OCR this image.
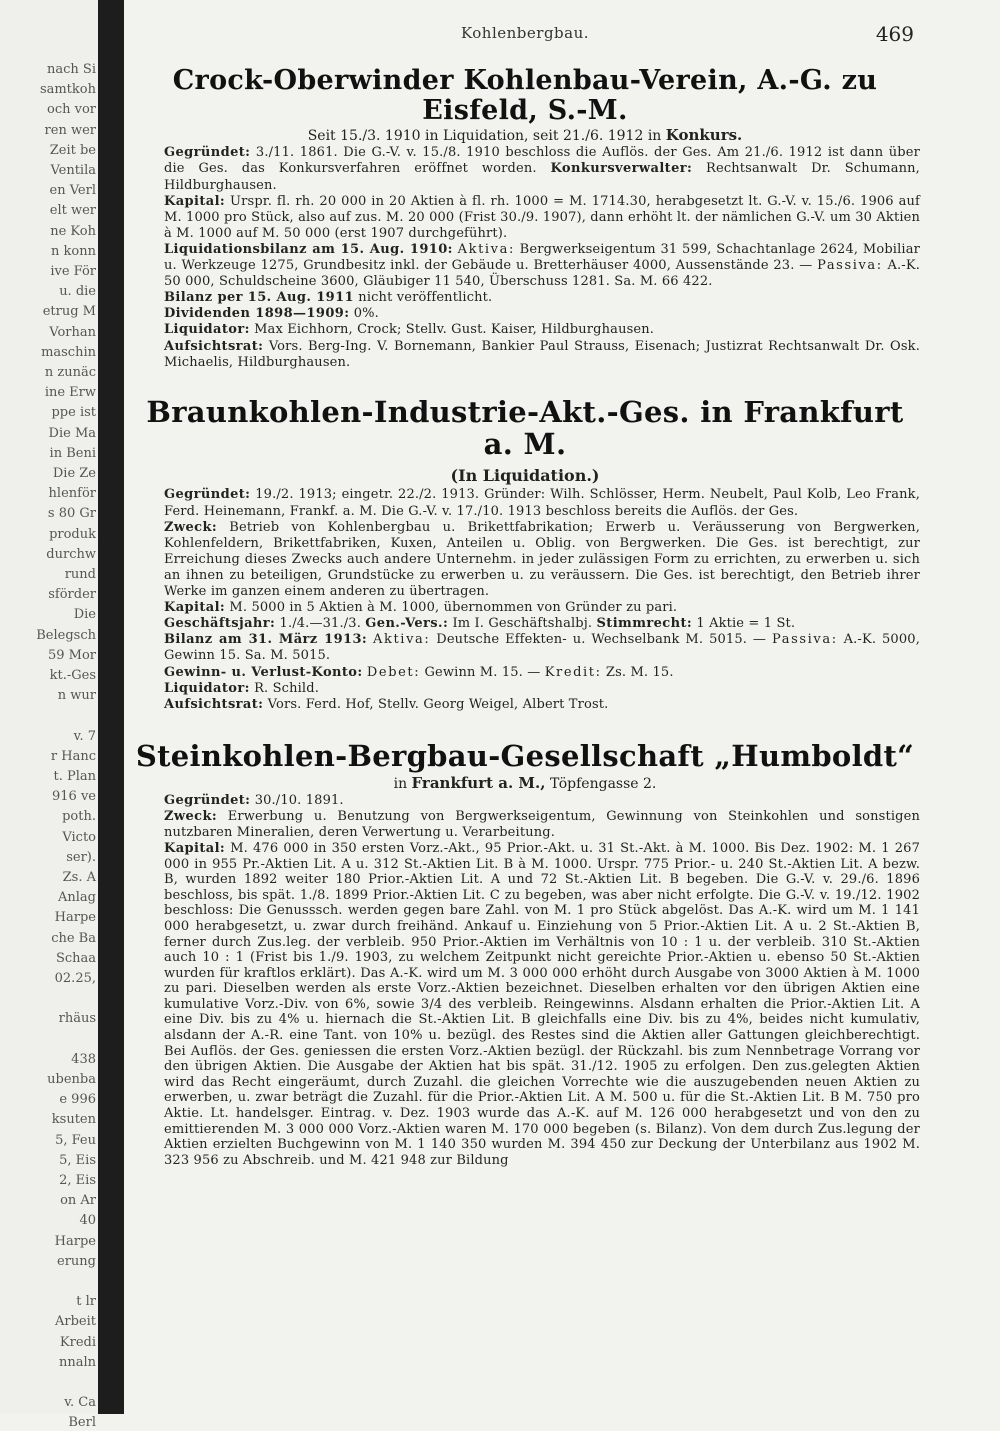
nach Si
samtkoh
och vor
ren wer
Zeit be
Ventila
en Verl
elt wer
ne Koh
n konn
ive För
u. die
etrug M
Vorhan
maschin
n zunäc
ine Erw
ppe ist
Die Ma
in Beni
Die Ze
hlenför
s 80 Gr
produk
durchw
rund
sförder
Die
Belegsch
59 Mor
kt.-Ges
n wur
v. 7
r Hanc
t. Plan
916 ve
poth.
Victo
ser).
Zs. A
Anlag
Harpe
che Ba
Schaa
02.25,
rhäus
438
ubenba
e 996
ksuten
5, Feu
5, Eis
2, Eis
on Ar
40
Harpe
erung
t lr
Arbeit
Kredi
nnaln
v. Ca
Berl
Kohlenbergbau.	469
Crock-Oberwinder Kohlenbau-Verein, A.-G. zu Eisfeld, S.-M.

Seit 15./3. 1910 in Liquidation, seit 21./6. 1912 in Konkurs.

Gegründet: 3./11. 1861. Die G.-V. v. 15./8. 1910 beschloss die Auflös. der Ges. Am 21./6. 1912 ist dann über die Ges. das Konkursverfahren eröffnet worden. Konkursverwalter: Rechtsanwalt Dr. Schumann, Hildburghausen.

Kapital: Urspr. fl. rh. 20 000 in 20 Aktien à fl. rh. 1000 = M. 1714.30, herabgesetzt lt. G.-V. v. 15./6. 1906 auf M. 1000 pro Stück, also auf zus. M. 20 000 (Frist 30./9. 1907), dann erhöht lt. der nämlichen G.-V. um 30 Aktien à M. 1000 auf M. 50 000 (erst 1907 durchgeführt).

Liquidationsbilanz am 15. Aug. 1910: Aktiva: Bergwerkseigentum 31 599, Schachtanlage 2624, Mobiliar u. Werkzeuge 1275, Grundbesitz inkl. der Gebäude u. Bretterhäuser 4000, Aussenstände 23. — Passiva: A.-K. 50 000, Schuldscheine 3600, Gläubiger 11 540, Überschuss 1281. Sa. M. 66 422.

Bilanz per 15. Aug. 1911 nicht veröffentlicht.

Dividenden 1898—1909: 0%.

Liquidator: Max Eichhorn, Crock; Stellv. Gust. Kaiser, Hildburghausen.

Aufsichtsrat: Vors. Berg-Ing. V. Bornemann, Bankier Paul Strauss, Eisenach; Justizrat Rechtsanwalt Dr. Osk. Michaelis, Hildburghausen.

Braunkohlen-Industrie-Akt.-Ges. in Frankfurt a. M.
(In Liquidation.)

Gegründet: 19./2. 1913; eingetr. 22./2. 1913. Gründer: Wilh. Schlösser, Herm. Neubelt, Paul Kolb, Leo Frank, Ferd. Heinemann, Frankf. a. M. Die G.-V. v. 17./10. 1913 beschloss bereits die Auflös. der Ges.

Zweck: Betrieb von Kohlenbergbau u. Brikettfabrikation; Erwerb u. Veräusserung von Bergwerken, Kohlenfeldern, Brikettfabriken, Kuxen, Anteilen u. Oblig. von Bergwerken. Die Ges. ist berechtigt, zur Erreichung dieses Zwecks auch andere Unternehm. in jeder zulässigen Form zu errichten, zu erwerben u. sich an ihnen zu beteiligen, Grundstücke zu erwerben u. zu veräussern. Die Ges. ist berechtigt, den Betrieb ihrer Werke im ganzen einem anderen zu übertragen.

Kapital: M. 5000 in 5 Aktien à M. 1000, übernommen von Gründer zu pari.

Geschäftsjahr: 1./4.—31./3. Gen.-Vers.: Im I. Geschäftshalbj. Stimmrecht: 1 Aktie = 1 St.

Bilanz am 31. März 1913: Aktiva: Deutsche Effekten- u. Wechselbank M. 5015. — Passiva: A.-K. 5000, Gewinn 15. Sa. M. 5015.

Gewinn- u. Verlust-Konto: Debet: Gewinn M. 15. — Kredit: Zs. M. 15.

Liquidator: R. Schild.

Aufsichtsrat: Vors. Ferd. Hof, Stellv. Georg Weigel, Albert Trost.

Steinkohlen-Bergbau-Gesellschaft „Humboldt“

in Frankfurt a. M., Töpfengasse 2.

Gegründet: 30./10. 1891.

Zweck: Erwerbung u. Benutzung von Bergwerkseigentum, Gewinnung von Steinkohlen und sonstigen nutzbaren Mineralien, deren Verwertung u. Verarbeitung.

Kapital: M. 476 000 in 350 ersten Vorz.-Akt., 95 Prior.-Akt. u. 31 St.-Akt. à M. 1000. Bis Dez. 1902: M. 1 267 000 in 955 Pr.-Aktien Lit. A u. 312 St.-Aktien Lit. B à M. 1000. Urspr. 775 Prior.- u. 240 St.-Aktien Lit. A bezw. B, wurden 1892 weiter 180 Prior.-Aktien Lit. A und 72 St.-Aktien Lit. B begeben. Die G.-V. v. 29./6. 1896 beschloss, bis spät. 1./8. 1899 Prior.-Aktien Lit. C zu begeben, was aber nicht erfolgte. Die G.-V. v. 19./12. 1902 beschloss: Die Genusssch. werden gegen bare Zahl. von M. 1 pro Stück abgelöst. Das A.-K. wird um M. 1 141 000 herabgesetzt, u. zwar durch freihänd. Ankauf u. Einziehung von 5 Prior.-Aktien Lit. A u. 2 St.-Aktien B, ferner durch Zus.leg. der verbleib. 950 Prior.-Aktien im Verhältnis von 10 : 1 u. der verbleib. 310 St.-Aktien auch 10 : 1 (Frist bis 1./9. 1903, zu welchem Zeitpunkt nicht gereichte Prior.-Aktien u. ebenso 50 St.-Aktien wurden für kraftlos erklärt). Das A.-K. wird um M. 3 000 000 erhöht durch Ausgabe von 3000 Aktien à M. 1000 zu pari. Dieselben werden als erste Vorz.-Aktien bezeichnet. Dieselben erhalten vor den übrigen Aktien eine kumulative Vorz.-Div. von 6%, sowie 3/4 des verbleib. Reingewinns. Alsdann erhalten die Prior.-Aktien Lit. A eine Div. bis zu 4% u. hiernach die St.-Aktien Lit. B gleichfalls eine Div. bis zu 4%, beides nicht kumulativ, alsdann der A.-R. eine Tant. von 10% u. bezügl. des Restes sind die Aktien aller Gattungen gleichberechtigt. Bei Auflös. der Ges. geniessen die ersten Vorz.-Aktien bezügl. der Rückzahl. bis zum Nennbetrage Vorrang vor den übrigen Aktien. Die Ausgabe der Aktien hat bis spät. 31./12. 1905 zu erfolgen. Den zus.gelegten Aktien wird das Recht eingeräumt, durch Zuzahl. die gleichen Vorrechte wie die auszugebenden neuen Aktien zu erwerben, u. zwar beträgt die Zuzahl. für die Prior.-Aktien Lit. A M. 500 u. für die St.-Aktien Lit. B M. 750 pro Aktie. Lt. handelsger. Eintrag. v. Dez. 1903 wurde das A.-K. auf M. 126 000 herabgesetzt und von den zu emittierenden M. 3 000 000 Vorz.-Aktien waren M. 170 000 begeben (s. Bilanz). Von dem durch Zus.legung der Aktien erzielten Buchgewinn von M. 1 140 350 wurden M. 394 450 zur Deckung der Unterbilanz aus 1902 M. 323 956 zu Abschreib. und M. 421 948 zur Bildung
